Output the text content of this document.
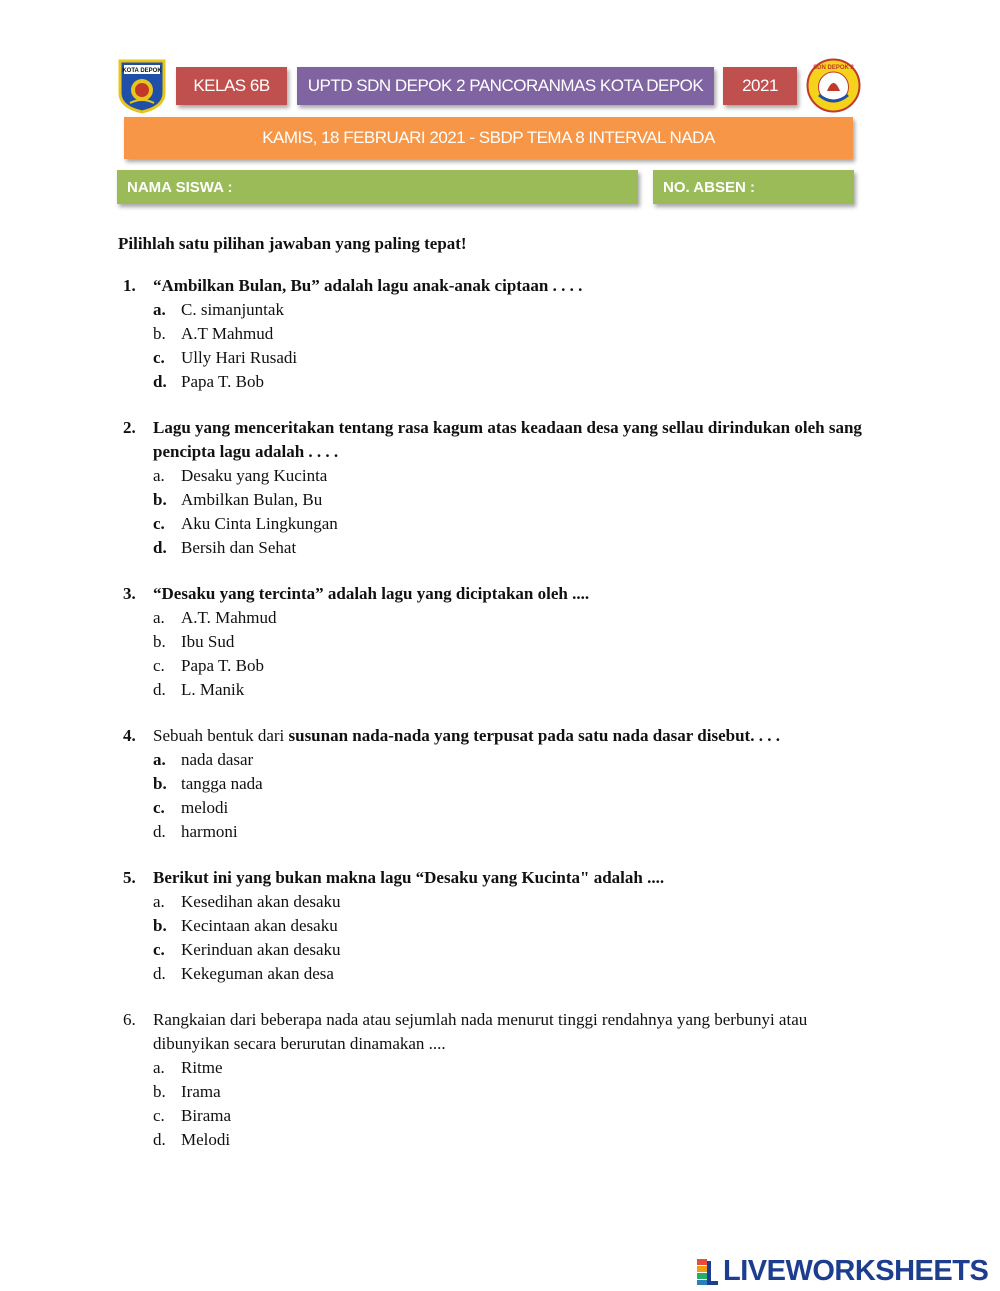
KOTA DEPOK	SDN DEPOK 2
KELAS 6B UPTD SDN DEPOK 2 PANCORANMAS KOTA DEPOK 2021
KAMIS, 18 FEBRUARI 2021 - SBDP TEMA 8 INTERVAL NADA
NAMA SISWA :	NO. ABSEN :
Pilihlah satu pilihan jawaban yang paling tepat!
1. “Ambilkan Bulan, Bu” adalah lagu anak-anak ciptaan . . . .
a. C. simanjuntak
b. A.T Mahmud
c. Ully Hari Rusadi
d. Papa T. Bob
2. Lagu yang menceritakan tentang rasa kagum atas keadaan desa yang sellau dirindukan oleh sang pencipta lagu adalah . . . .
a. Desaku yang Kucinta
b. Ambilkan Bulan, Bu
c. Aku Cinta Lingkungan
d. Bersih dan Sehat
3. “Desaku yang tercinta” adalah lagu yang diciptakan oleh ....
a. A.T. Mahmud
b. Ibu Sud
c. Papa T. Bob
d. L. Manik
4. Sebuah bentuk dari susunan nada-nada yang terpusat pada satu nada dasar disebut. . . .
a. nada dasar
b. tangga nada
c. melodi
d. harmoni
5. Berikut ini yang bukan makna lagu “Desaku yang Kucinta" adalah ....
a. Kesedihan akan desaku
b. Kecintaan akan desaku
c. Kerinduan akan desaku
d. Kekeguman akan desa
6. Rangkaian dari beberapa nada atau sejumlah nada menurut tinggi rendahnya yang berbunyi atau dibunyikan secara berurutan dinamakan ....
a. Ritme
b. Irama
c. Birama
d. Melodi
LIVEWORKSHEETS
